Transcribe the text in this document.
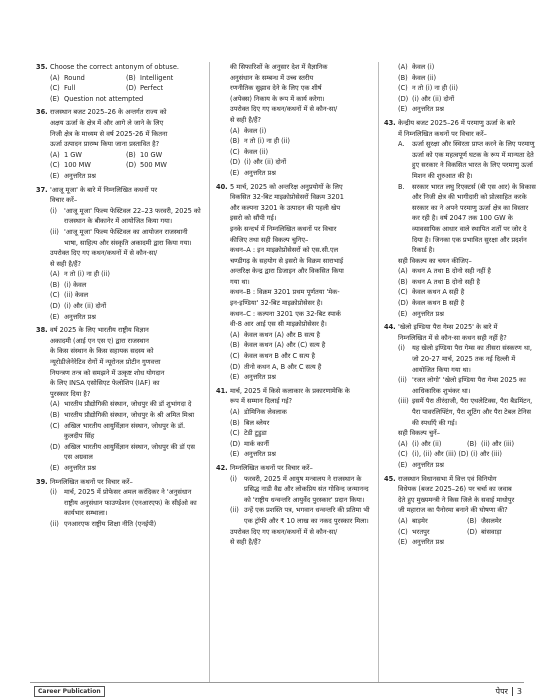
35. Choose the correct antonym of obtuse.
(A) Round	(B) Intelligent
(C) Full	(D) Perfect
(E) Question not attempted
36. राजस्थान बजट 2025–26 के अन्तर्गत राज्य को
अक्षय ऊर्जा के क्षेत्र में और आगे ले जाने के लिए
निजी क्षेत्र के माध्यम से वर्ष 2025-26 में कितना
ऊर्जा उत्पादन प्रारम्भ किया जाना प्रस्तावित है?
(A) 1 GW	(B) 10 GW
(C) 100 MW	(D) 500 MW
(E) अनुत्तरित प्रश्न
37. 'आजू मूजा' के बारे में निम्नलिखित कथनों पर
विचार करें–
(i)	'आजू मूजा' फिल्म फेस्टिवल 22–23 फरवरी, 2025 को राजस्थान के बीकानेर में आयोजित किया गया।
(ii) 'आजू मूजा' फिल्म फेस्टिवल का आयोजन राजस्थानी भाषा, साहित्य और संस्कृति अकादमी द्वारा किया गया।
उपरोक्त दिए गए कथन/कथनों में से कौन-सा/
से सही है/हैं?
(A) न तो (i) ना ही (ii)
(B) (i) केवल
(C) (ii) केवल
(D) (i) और (ii) दोनों
(E) अनुत्तरित प्रश्न
38. वर्ष 2025 के लिए भारतीय राष्ट्रीय विज्ञान
अकादमी (आई एन एस ए) द्वारा राजस्थान
के किस संस्थान के किस सहायक सदस्य को
न्यूरोडीजेनेरेटिव रोगों में न्यूरोनल प्रोटीन गुणवत्ता
नियन्त्रण तन्त्र को समझने में उत्कृष्ट शोध योगदान
के लिए INSA एसोसिएट फेलोशिप (IAF) का
पुरस्कार दिया है?
(A) भारतीय प्रौद्योगिकी संस्थान, जोधपुर की डॉ शुभांगदा दे
(B) भारतीय प्रौद्योगिकी संस्थान, जोधपुर के श्री अमित मिश्रा
(C) अखिल भारतीय आयुर्विज्ञान संस्थान, जोधपुर के डॉ. कुलदीप सिंह
(D) अखिल भारतीय आयुर्विज्ञान संस्थान, जोधपुर की डॉ एस एस अग्रवाल
(E) अनुत्तरित प्रश्न
39. निम्नलिखित कथनों पर विचार करें–
(i)	मार्च, 2025 में प्रोफेसर अमल करंदिकर ने 'अनुसंधान राष्ट्रीय अनुसंधान फाउण्डेशन (एनआरएफ) के सीईओ का कार्यभार सम्भाला।
(ii) एनआरएफ राष्ट्रीय शिक्षा नीति (एनईपी)
की सिफारिशों के अनुसार देश में वैज्ञानिक
अनुसंधान के सम्बन्ध में उच्च स्तरीय
रणनीतिक सुझाव देने के लिए एक शीर्ष
(अपेक्स) निकाय के रूप में कार्य करेगा।
उपरोक्त दिए गए कथन/कथनों में से कौन-सा/
से सही है/हैं?
(A) केवल (i)
(B) न तो (i) ना ही (ii)
(C) केवल (ii)
(D) (i) और (ii) दोनों
(E) अनुत्तरित प्रश्न
40. 5 मार्च, 2025 को अन्तरिक्ष अनुप्रयोगों के लिए
विकसित 32-बिट माइक्रोप्रोसेसरों विक्रम 3201
और कल्पना 3201 के उत्पादन की पहली खेप
इसरो को सौंपी गई।
इनके सन्दर्भ में निम्नलिखित कथनों पर विचार
कीजिए तथा सही विकल्प चुनिए–
कथन–A : इन माइक्रोप्रोसेसरों को एस.सी.एल
चण्डीगढ़ के सहयोग से इसरो के विक्रम साराभाई
अन्तरिक्ष केन्द्र द्वारा डिजाइन और विकसित किया
गया था।
कथन–B : विक्रम 3201 प्रथम पूर्णतया 'मेक-
इन-इण्डिया' 32-बिट माइक्रोप्रोसेसर है।
कथन–C : कल्पना 3201 एक 32-बिट स्पार्क
वी-8 आर आई एस सी माइक्रोप्रोसेसर है।
(A) केवल कथन (A) और B सत्य है
(B) केवल कथन (A) और (C) सत्य है
(C) केवल कथन B और C सत्य है
(D) तीनो कथन A, B और C सत्य है
(E) अनुत्तरित प्रश्न
41. मार्च, 2025 में किसे कलाकार के प्रकारणामेकि के
रूप में सम्मान दिलाई गई?
(A) डोमिनिक लेवलाक
(B) बिल ब्लेयर
(C) टेडी टुडुडा
(D) मार्क कार्नी
(E) अनुत्तरित प्रश्न
42. निम्नलिखित कथनों पर विचार करें–
(i)	फरवरी, 2025 में आयुष मन्त्रालय ने राजस्थान के प्रसिद्ध नाडी वैद्य और लोकप्रिय संत गोविन्द जन्मानन्द को 'राष्ट्रीय धन्वन्तरि आयुर्वेद पुरस्कार' प्रदान किया।
(ii) उन्हें एक प्रशस्ति पत्र, भगवान धन्वन्तरि की प्रतिमा भी एक ट्रॉफी और ₹ 10 लाख का नकद पुरस्कार मिला।
उपरोक्त दिए गए कथन/कथनों में से कौन-सा/
से सही है/हैं?
(A) केवल (i)
(B) केवल (ii)
(C) न तो (i) ना ही (ii)
(D) (i) और (ii) दोनों
(E) अनुत्तरित प्रश्न
43. केन्द्रीय बजट 2025–26 में परमाणु ऊर्जा के बारे
में निम्नलिखित कथनों पर विचार करें–
A.	ऊर्जा सुरक्षा और स्थिरता प्राप्त करने के लिए परमाणु ऊर्जा को एक महत्वपूर्ण घटक के रूप में मान्यता देते हुए सरकार ने विकसित भारत के लिए परमाणु ऊर्जा मिशन की शुरुआत की है।
B.	सरकार भारत लघु रिएक्टर्स (बी एस आर) के विकास और निजी क्षेत्र की भागीदारी को प्रोत्साहित करके सरकार का ने अपने परमाणु ऊर्जा क्षेत्र का विस्तार कर रही है। वर्ष 2047 तक 100 GW के व्यावसायिक आधार वाले स्थापित शर्तों पर जोर दे दिया है। जिनका एक प्रभावित सुरक्षा और प्रदर्शन रिकार्ड है।
सही विकल्प का चयन कीजिए–
(A) कथन A तथा B दोनो सही नहीं है
(B) कथन A तथा B दोनो सही है
(C) केवल कथन A सही है
(D) केवल कथन B सही है
(E) अनुत्तरित प्रश्न
44. 'खेलो इण्डिया पैरा गेम्स 2025' के बारे में
निम्नलिखित में से कौन-सा कथन सही नहीं है?
(i)	यह खेलो इण्डिया पैरा गेम्स का तीसरा संस्करण था, जो 20-27 मार्च, 2025 तक नई दिल्ली में आयोजित किया गया था।
(ii) 'रजत लोगो' 'खेलो इण्डिया पैरा गेम्स 2025 का आधिकारिक शुभंकर था।
(iii) इसमें पैरा तीरंदाजी, पैरा एथलेटिक्स, पैरा बैडमिंटन, पैरा पावरलिफ्टिंग, पैरा शूटिंग और पैरा टेबल टेनिस की स्पर्धाएँ की गई।
सही विकल्प चुनें–
(A) (i) और (ii)	(B) (ii) और (iii)
(C) (i), (ii) और (iii) (D) (i) और (iii)
(E) अनुत्तरित प्रश्न
45. राजस्थान विधानसभा में वित्त एवं विनियोग
विधेयक (बजट 2025–26) पर चर्चा का जवाब
देते हुए मुख्यमन्त्री ने किस जिले के सवाई माधोपुर
जी महाराज का पैनोरमा बनाने की घोषणा की?
(A) बाड़मेर	(B) जैसलमेर
(C) भरतपुर	(D) बांसवाड़ा
(E) अनुत्तरित प्रश्न
Career Publication	पेपर 3
